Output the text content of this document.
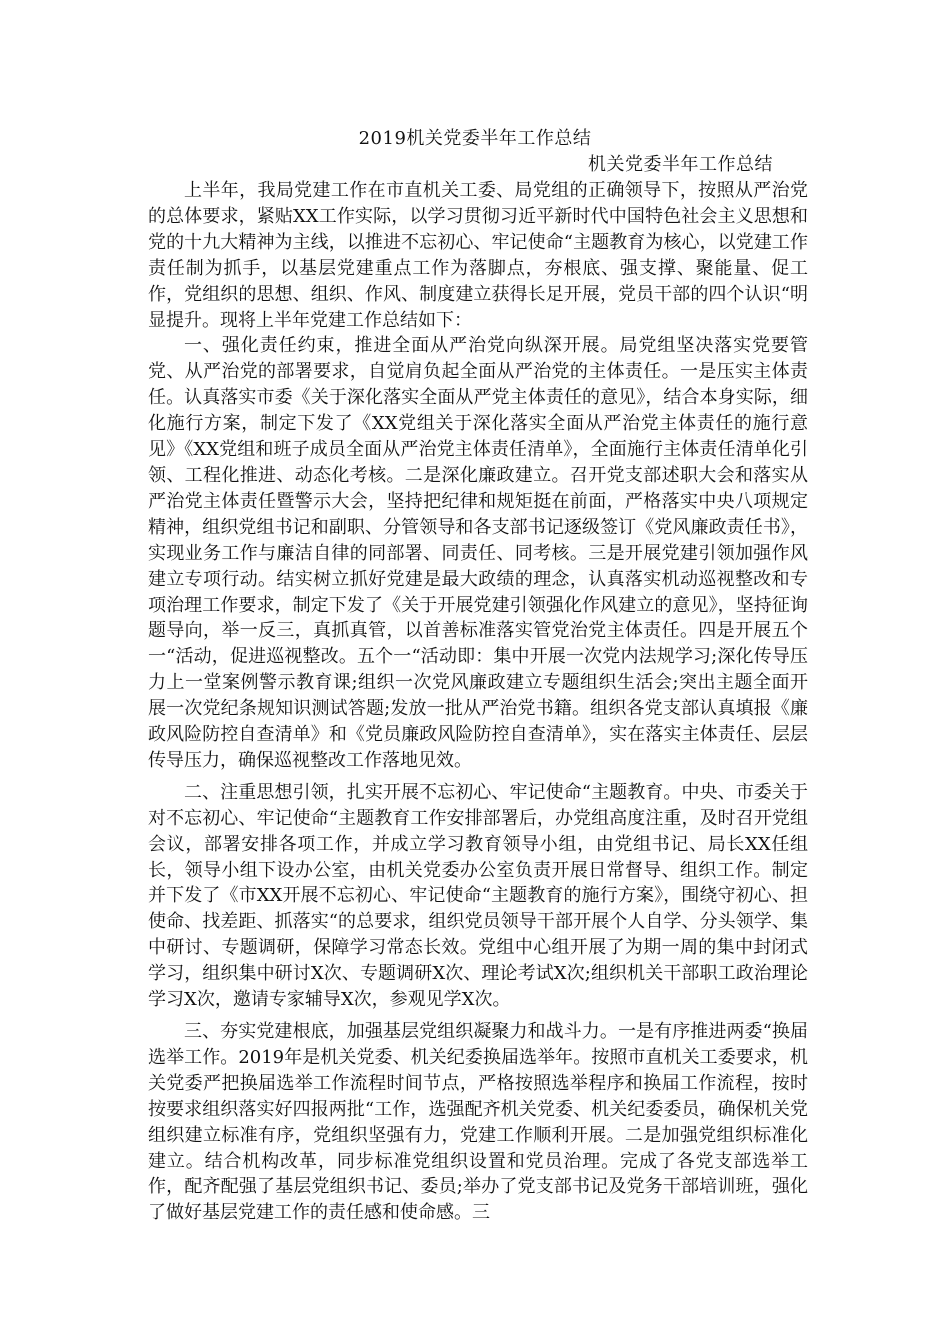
2019机关党委半年工作总结
机关党委半年工作总结

上半年，我局党建工作在市直机关工委、局党组的正确领导下，按照从严治党的总体要求，紧贴XX工作实际，以学习贯彻习近平新时代中国特色社会主义思想和党的十九大精神为主线，以推进不忘初心、牢记使命“主题教育为核心，以党建工作责任制为抓手，以基层党建重点工作为落脚点，夯根底、强支撑、聚能量、促工作，党组织的思想、组织、作风、制度建立获得长足开展，党员干部的四个认识“明显提升。现将上半年党建工作总结如下：

一、强化责任约束，推进全面从严治党向纵深开展。局党组坚决落实党要管党、从严治党的部署要求，自觉肩负起全面从严治党的主体责任。一是压实主体责任。认真落实市委《关于深化落实全面从严党主体责任的意见》，结合本身实际，细化施行方案，制定下发了《XX党组关于深化落实全面从严治党主体责任的施行意见》《XX党组和班子成员全面从严治党主体责任清单》，全面施行主体责任清单化引领、工程化推进、动态化考核。二是深化廉政建立。召开党支部述职大会和落实从严治党主体责任暨警示大会，坚持把纪律和规矩挺在前面，严格落实中央八项规定精神，组织党组书记和副职、分管领导和各支部书记逐级签订《党风廉政责任书》，实现业务工作与廉洁自律的同部署、同责任、同考核。三是开展党建引领加强作风建立专项行动。结实树立抓好党建是最大政绩的理念，认真落实机动巡视整改和专项治理工作要求，制定下发了《关于开展党建引领强化作风建立的意见》，坚持征询题导向，举一反三，真抓真管，以首善标准落实管党治党主体责任。四是开展五个一“活动，促进巡视整改。五个一“活动即：集中开展一次党内法规学习;深化传导压力上一堂案例警示教育课;组织一次党风廉政建立专题组织生活会;突出主题全面开展一次党纪条规知识测试答题;发放一批从严治党书籍。组织各党支部认真填报《廉政风险防控自查清单》和《党员廉政风险防控自查清单》，实在落实主体责任、层层传导压力，确保巡视整改工作落地见效。

二、注重思想引领，扎实开展不忘初心、牢记使命“主题教育。中央、市委关于对不忘初心、牢记使命“主题教育工作安排部署后，办党组高度注重，及时召开党组会议，部署安排各项工作，并成立学习教育领导小组，由党组书记、局长XX任组长，领导小组下设办公室，由机关党委办公室负责开展日常督导、组织工作。制定并下发了《市XX开展不忘初心、牢记使命“主题教育的施行方案》，围绕守初心、担使命、找差距、抓落实“的总要求，组织党员领导干部开展个人自学、分头领学、集中研讨、专题调研，保障学习常态长效。党组中心组开展了为期一周的集中封闭式学习，组织集中研讨X次、专题调研X次、理论考试X次;组织机关干部职工政治理论学习X次，邀请专家辅导X次，参观见学X次。

三、夯实党建根底，加强基层党组织凝聚力和战斗力。一是有序推进两委“换届选举工作。2019年是机关党委、机关纪委换届选举年。按照市直机关工委要求，机关党委严把换届选举工作流程时间节点，严格按照选举程序和换届工作流程，按时按要求组织落实好四报两批“工作，选强配齐机关党委、机关纪委委员，确保机关党组织建立标准有序，党组织坚强有力，党建工作顺利开展。二是加强党组织标准化建立。结合机构改革，同步标准党组织设置和党员治理。完成了各党支部选举工作，配齐配强了基层党组织书记、委员;举办了党支部书记及党务干部培训班，强化了做好基层党建工作的责任感和使命感。三
